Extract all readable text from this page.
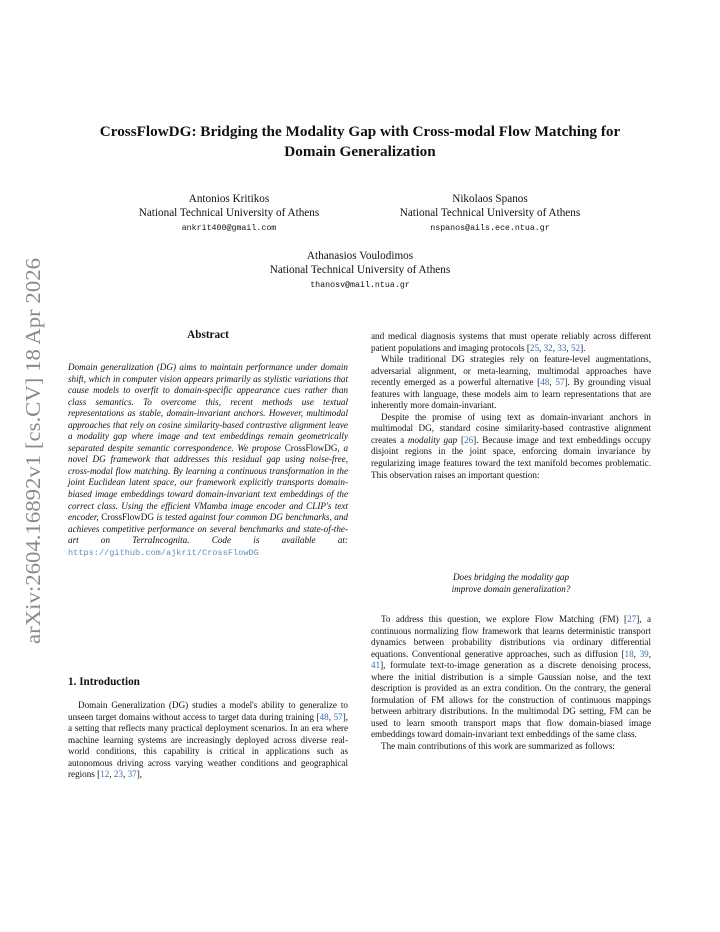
arXiv:2604.16892v1 [cs.CV] 18 Apr 2026
CrossFlowDG: Bridging the Modality Gap with Cross-modal Flow Matching for
Domain Generalization
Antonios Kritikos
National Technical University of Athens
ankrit400@gmail.com
Nikolaos Spanos
National Technical University of Athens
nspanos@ails.ece.ntua.gr
Athanasios Voulodimos
National Technical University of Athens
thanosv@mail.ntua.gr
Abstract

Domain generalization (DG) aims to maintain performance under domain shift, which in computer vision appears primarily as stylistic variations that cause models to overfit to domain-specific appearance cues rather than class semantics. To overcome this, recent methods use textual representations as stable, domain-invariant anchors. However, multimodal approaches that rely on cosine similarity-based contrastive alignment leave a modality gap where image and text embeddings remain geometrically separated despite semantic correspondence. We propose CrossFlowDG, a novel DG framework that addresses this residual gap using noise-free, cross-modal flow matching. By learning a continuous transformation in the joint Euclidean latent space, our framework explicitly transports domain-biased image embeddings toward domain-invariant text embeddings of the correct class. Using the efficient VMamba image encoder and CLIP's text encoder, CrossFlowDG is tested against four common DG benchmarks, and achieves competitive performance on several benchmarks and state-of-the-art on TerraIncognita. Code is available at: https://github.com/ajkrit/CrossFlowDG

1. Introduction

Domain Generalization (DG) studies a model's ability to generalize to unseen target domains without access to target data during training [48, 57], a setting that reflects many practical deployment scenarios. In an era where machine learning systems are increasingly deployed across diverse real-world conditions, this capability is critical in applications such as autonomous driving across varying weather conditions and geographical regions [12, 23, 37],

and medical diagnosis systems that must operate reliably across different patient populations and imaging protocols [25, 32, 33, 52].

While traditional DG strategies rely on feature-level augmentations, adversarial alignment, or meta-learning, multimodal approaches have recently emerged as a powerful alternative [48, 57]. By grounding visual features with language, these models aim to learn representations that are inherently more domain-invariant.

Despite the promise of using text as domain-invariant anchors in multimodal DG, standard cosine similarity-based contrastive alignment creates a modality gap [26]. Because image and text embeddings occupy disjoint regions in the joint space, enforcing domain invariance by regularizing image features toward the text manifold becomes problematic. This observation raises an important question:

Does bridging the modality gap
improve domain generalization?

To address this question, we explore Flow Matching (FM) [27], a continuous normalizing flow framework that learns deterministic transport dynamics between probability distributions via ordinary differential equations. Conventional generative approaches, such as diffusion [18, 39, 41], formulate text-to-image generation as a discrete denoising process, where the initial distribution is a simple Gaussian noise, and the text description is provided as an extra condition. On the contrary, the general formulation of FM allows for the construction of continuous mappings between arbitrary distributions. In the multimodal DG setting, FM can be used to learn smooth transport maps that flow domain-biased image embeddings toward domain-invariant text embeddings of the same class.

The main contributions of this work are summarized as follows:
